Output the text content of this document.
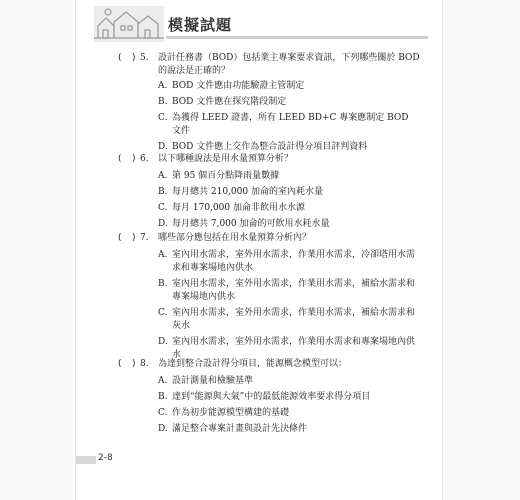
模擬試題
( ) 5. 設計任務書（BOD）包括業主專案要求資訊，下列哪些關於 BOD 的說法是正確的？
A. BOD 文件應由功能驗證主管制定
B. BOD 文件應在探究階段制定
C. 為獲得 LEED 證書，所有 LEED BD+C 專案應制定 BOD 文件
D. BOD 文件應上交作為整合設計得分項目評判資料
( ) 6. 以下哪種說法是用水量預算分析？
A. 第 95 個百分點降雨量數據
B. 每月總共 210,000 加侖的室內耗水量
C. 每月 170,000 加侖非飲用水水源
D. 每月總共 7,000 加侖的可飲用水耗水量
( ) 7. 哪些部分應包括在用水量預算分析內？
A. 室內用水需求，室外用水需求，作業用水需求，冷卻塔用水需求和專案場地內供水
B. 室內用水需求，室外用水需求，作業用水需求，補給水需求和專案場地內供水
C. 室內用水需求，室外用水需求，作業用水需求，補給水需求和灰水
D. 室內用水需求，室外用水需求，作業用水需求和專案場地內供水
( ) 8. 為達到整合設計得分項目，能源概念模型可以：
A. 設計測量和檢驗基準
B. 達到“能源與大氣”中的最低能源效率要求得分項目
C. 作為初步能源模型構建的基礎
D. 滿足整合專案計畫與設計先決條件
2-8
